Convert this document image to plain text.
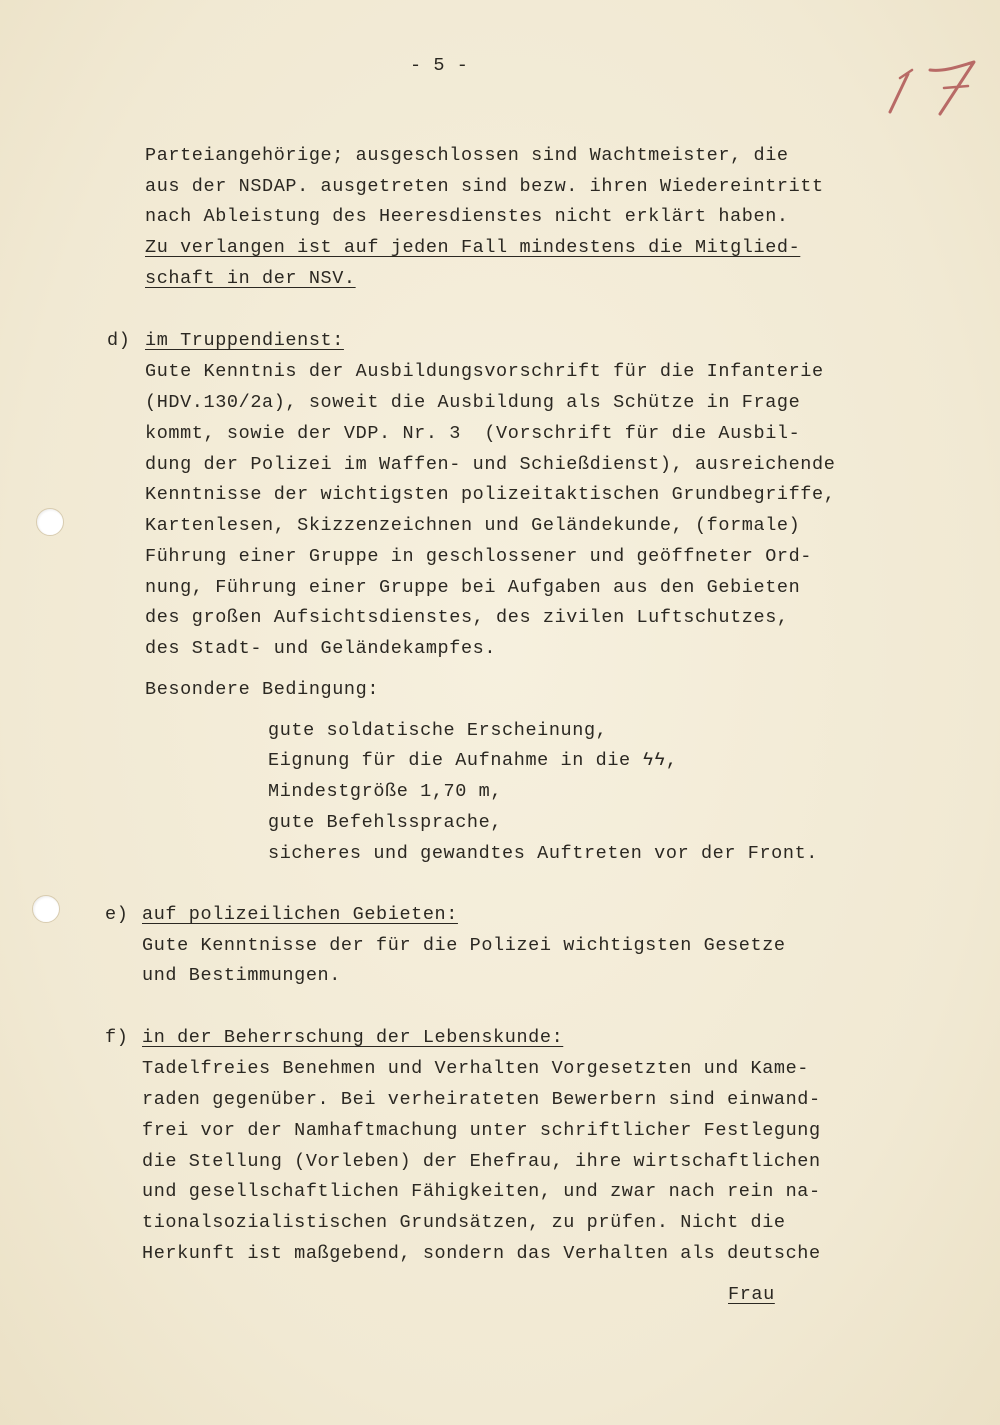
- 5 -
Parteiangehörige; ausgeschlossen sind Wachtmeister, die
aus der NSDAP. ausgetreten sind bezw. ihren Wiedereintritt
nach Ableistung des Heeresdienstes nicht erklärt haben.
Zu verlangen ist auf jeden Fall mindestens die Mitglied-
schaft in der NSV.
d) im Truppendienst:
Gute Kenntnis der Ausbildungsvorschrift für die Infanterie
(HDV.130/2a), soweit die Ausbildung als Schütze in Frage
kommt, sowie der VDP. Nr. 3  (Vorschrift für die Ausbil-
dung der Polizei im Waffen- und Schießdienst), ausreichende
Kenntnisse der wichtigsten polizeitaktischen Grundbegriffe,
Kartenlesen, Skizzenzeichnen und Geländekunde, (formale)
Führung einer Gruppe in geschlossener und geöffneter Ord-
nung, Führung einer Gruppe bei Aufgaben aus den Gebieten
des großen Aufsichtsdienstes, des zivilen Luftschutzes,
des Stadt- und Geländekampfes.
Besondere Bedingung:
gute soldatische Erscheinung,
Eignung für die Aufnahme in die ϟϟ,
Mindestgröße 1,70 m,
gute Befehlssprache,
sicheres und gewandtes Auftreten vor der Front.
e) auf polizeilichen Gebieten:
Gute Kenntnisse der für die Polizei wichtigsten Gesetze
und Bestimmungen.
f) in der Beherrschung der Lebenskunde:
Tadelfreies Benehmen und Verhalten Vorgesetzten und Kame-
raden gegenüber. Bei verheirateten Bewerbern sind einwand-
frei vor der Namhaftmachung unter schriftlicher Festlegung
die Stellung (Vorleben) der Ehefrau, ihre wirtschaftlichen
und gesellschaftlichen Fähigkeiten, und zwar nach rein na-
tionalsozialistischen Grundsätzen, zu prüfen. Nicht die
Herkunft ist maßgebend, sondern das Verhalten als deutsche
Frau
